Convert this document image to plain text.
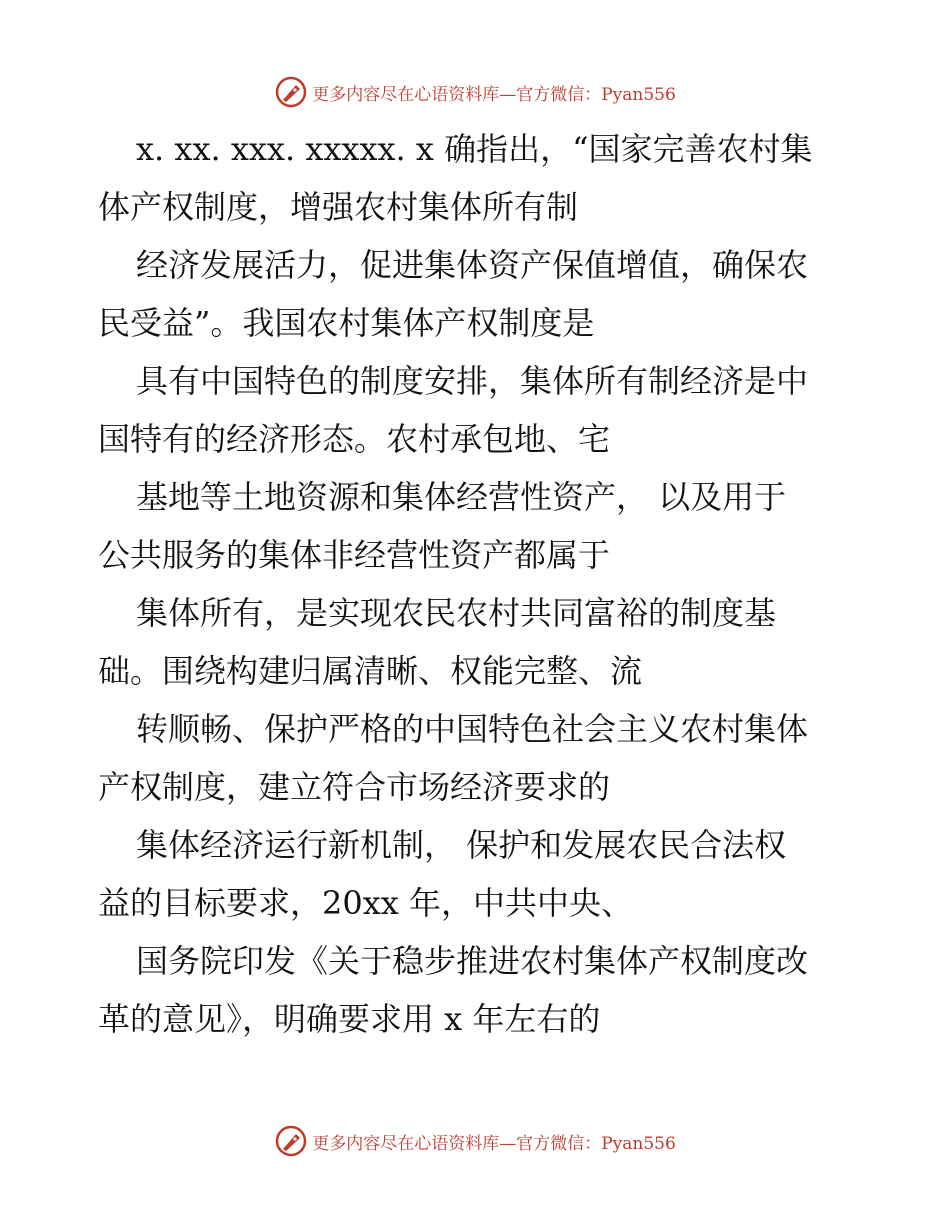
更多内容尽在心语资料库—官方微信：Pyan556
x. xx. xxx. xxxxx. x 确指出，“国家完善农村集
体产权制度，增强农村集体所有制
经济发展活力，促进集体资产保值增值，确保农
民受益”。我国农村集体产权制度是
具有中国特色的制度安排，集体所有制经济是中
国特有的经济形态。农村承包地、宅
基地等土地资源和集体经营性资产， 以及用于
公共服务的集体非经营性资产都属于
集体所有，是实现农民农村共同富裕的制度基
础。围绕构建归属清晰、权能完整、流
转顺畅、保护严格的中国特色社会主义农村集体
产权制度，建立符合市场经济要求的
集体经济运行新机制， 保护和发展农民合法权
益的目标要求，20xx 年，中共中央、
国务院印发《关于稳步推进农村集体产权制度改
革的意见》，明确要求用 x 年左右的
更多内容尽在心语资料库—官方微信：Pyan556
